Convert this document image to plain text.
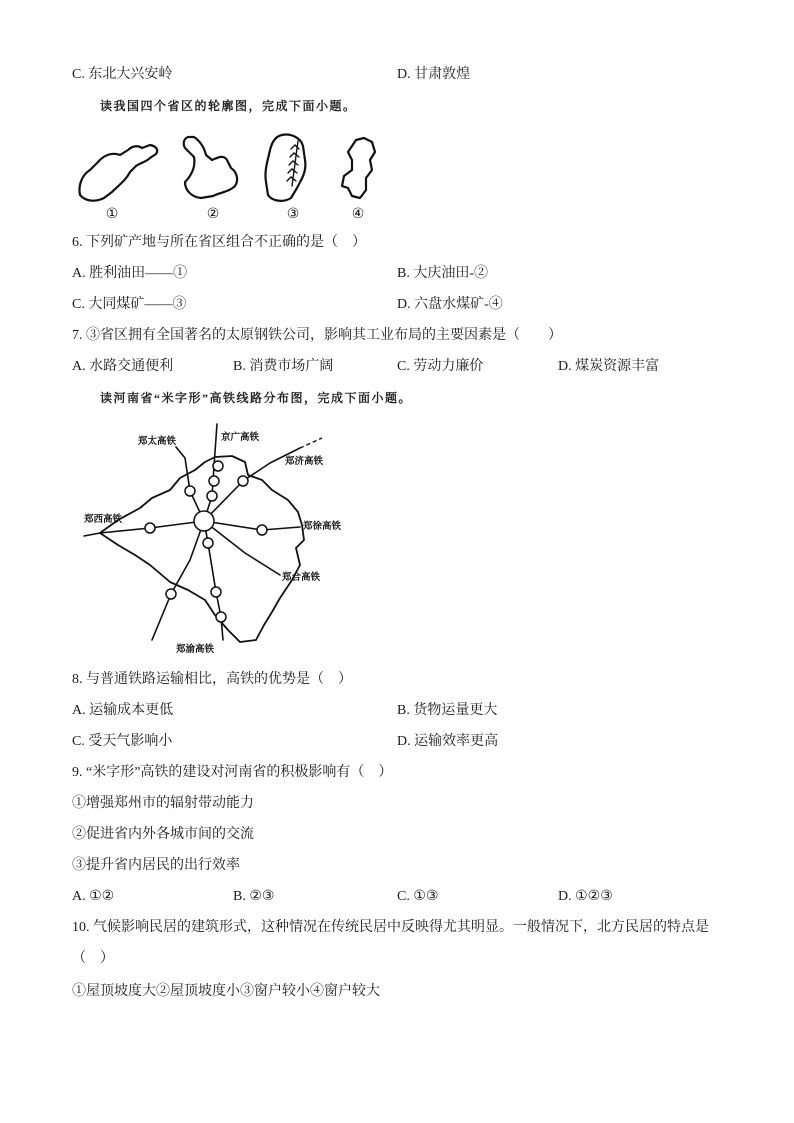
C. 东北大兴安岭	D. 甘肃敦煌
读我国四个省区的轮廓图，完成下面小题。
①	②	③	④
6. 下列矿产地与所在省区组合不正确的是（　）
A. 胜利油田——①	B. 大庆油田-②
C. 大同煤矿——③	D. 六盘水煤矿-④
7. ③省区拥有全国著名的太原钢铁公司，影响其工业布局的主要因素是（　　）
A. 水路交通便利	B. 消费市场广阔	C. 劳动力廉价	D. 煤炭资源丰富
读河南省“米字形”高铁线路分布图，完成下面小题。
郑太高铁	京广高铁
郑济高铁
郑西高铁
郑徐高铁
郑合高铁
郑渝高铁
8. 与普通铁路运输相比，高铁的优势是（　）
A. 运输成本更低	B. 货物运量更大
C. 受天气影响小	D. 运输效率更高
9. “米字形”高铁的建设对河南省的积极影响有（　）
①增强郑州市的辐射带动能力
②促进省内外各城市间的交流
③提升省内居民的出行效率
A. ①②	B. ②③	C. ①③	D. ①②③
10. 气候影响民居的建筑形式，这种情况在传统民居中反映得尤其明显。一般情况下，北方民居的特点是
（　）
①屋顶坡度大②屋顶坡度小③窗户较小④窗户较大
